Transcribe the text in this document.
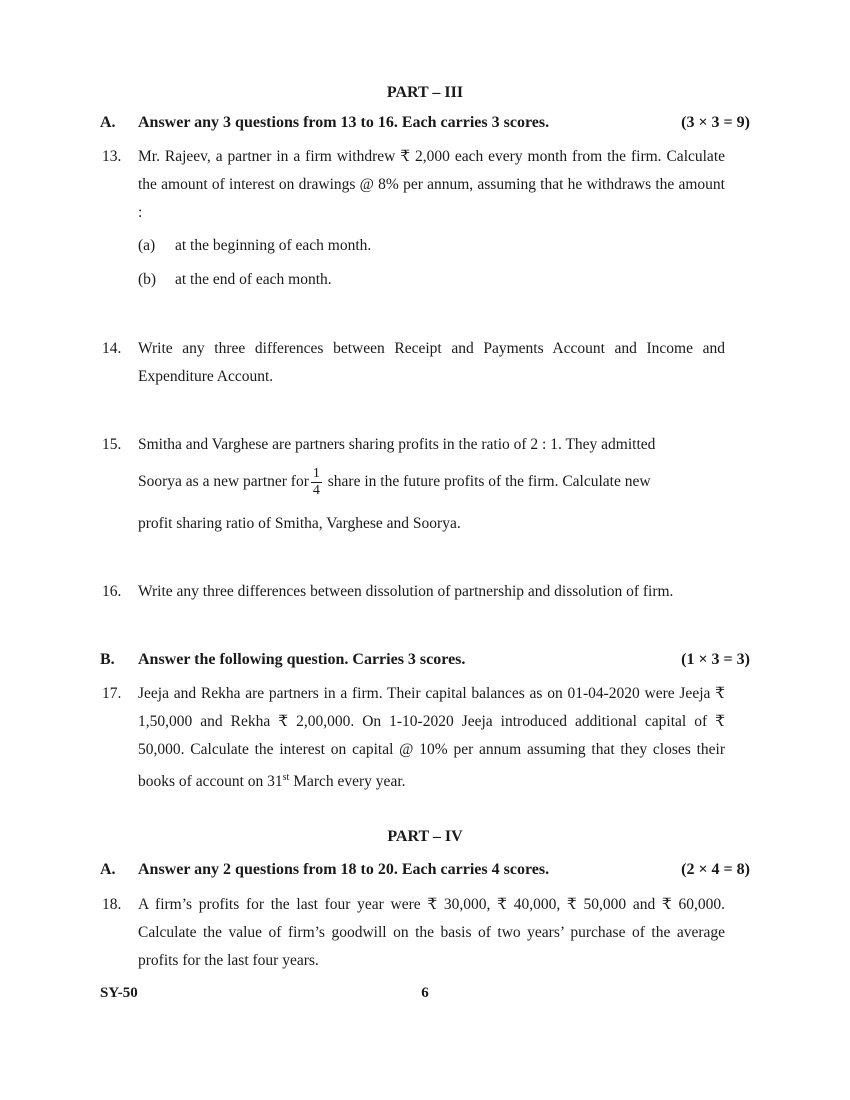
PART – III
A. Answer any 3 questions from 13 to 16. Each carries 3 scores.	(3 × 3 = 9)
13. Mr. Rajeev, a partner in a firm withdrew ₹ 2,000 each every month from the firm. Calculate the amount of interest on drawings @ 8% per annum, assuming that he withdraws the amount :
(a) at the beginning of each month.
(b) at the end of each month.
14. Write any three differences between Receipt and Payments Account and Income and Expenditure Account.
15. Smitha and Varghese are partners sharing profits in the ratio of 2 : 1. They admitted
Soorya as a new partner for $\frac{1}{4}$ share in the future profits of the firm. Calculate new
profit sharing ratio of Smitha, Varghese and Soorya.
16. Write any three differences between dissolution of partnership and dissolution of firm.
B. Answer the following question. Carries 3 scores.	(1 × 3 = 3)
17. Jeeja and Rekha are partners in a firm. Their capital balances as on 01-04-2020 were Jeeja ₹ 1,50,000 and Rekha ₹ 2,00,000. On 1-10-2020 Jeeja introduced additional capital of ₹ 50,000. Calculate the interest on capital @ 10% per annum assuming that they closes their books of account on 31st March every year.
PART – IV
A. Answer any 2 questions from 18 to 20. Each carries 4 scores.	(2 × 4 = 8)
18. A firm’s profits for the last four year were ₹ 30,000, ₹ 40,000, ₹ 50,000 and ₹ 60,000. Calculate the value of firm’s goodwill on the basis of two years’ purchase of the average profits for the last four years.
SY-50	6
